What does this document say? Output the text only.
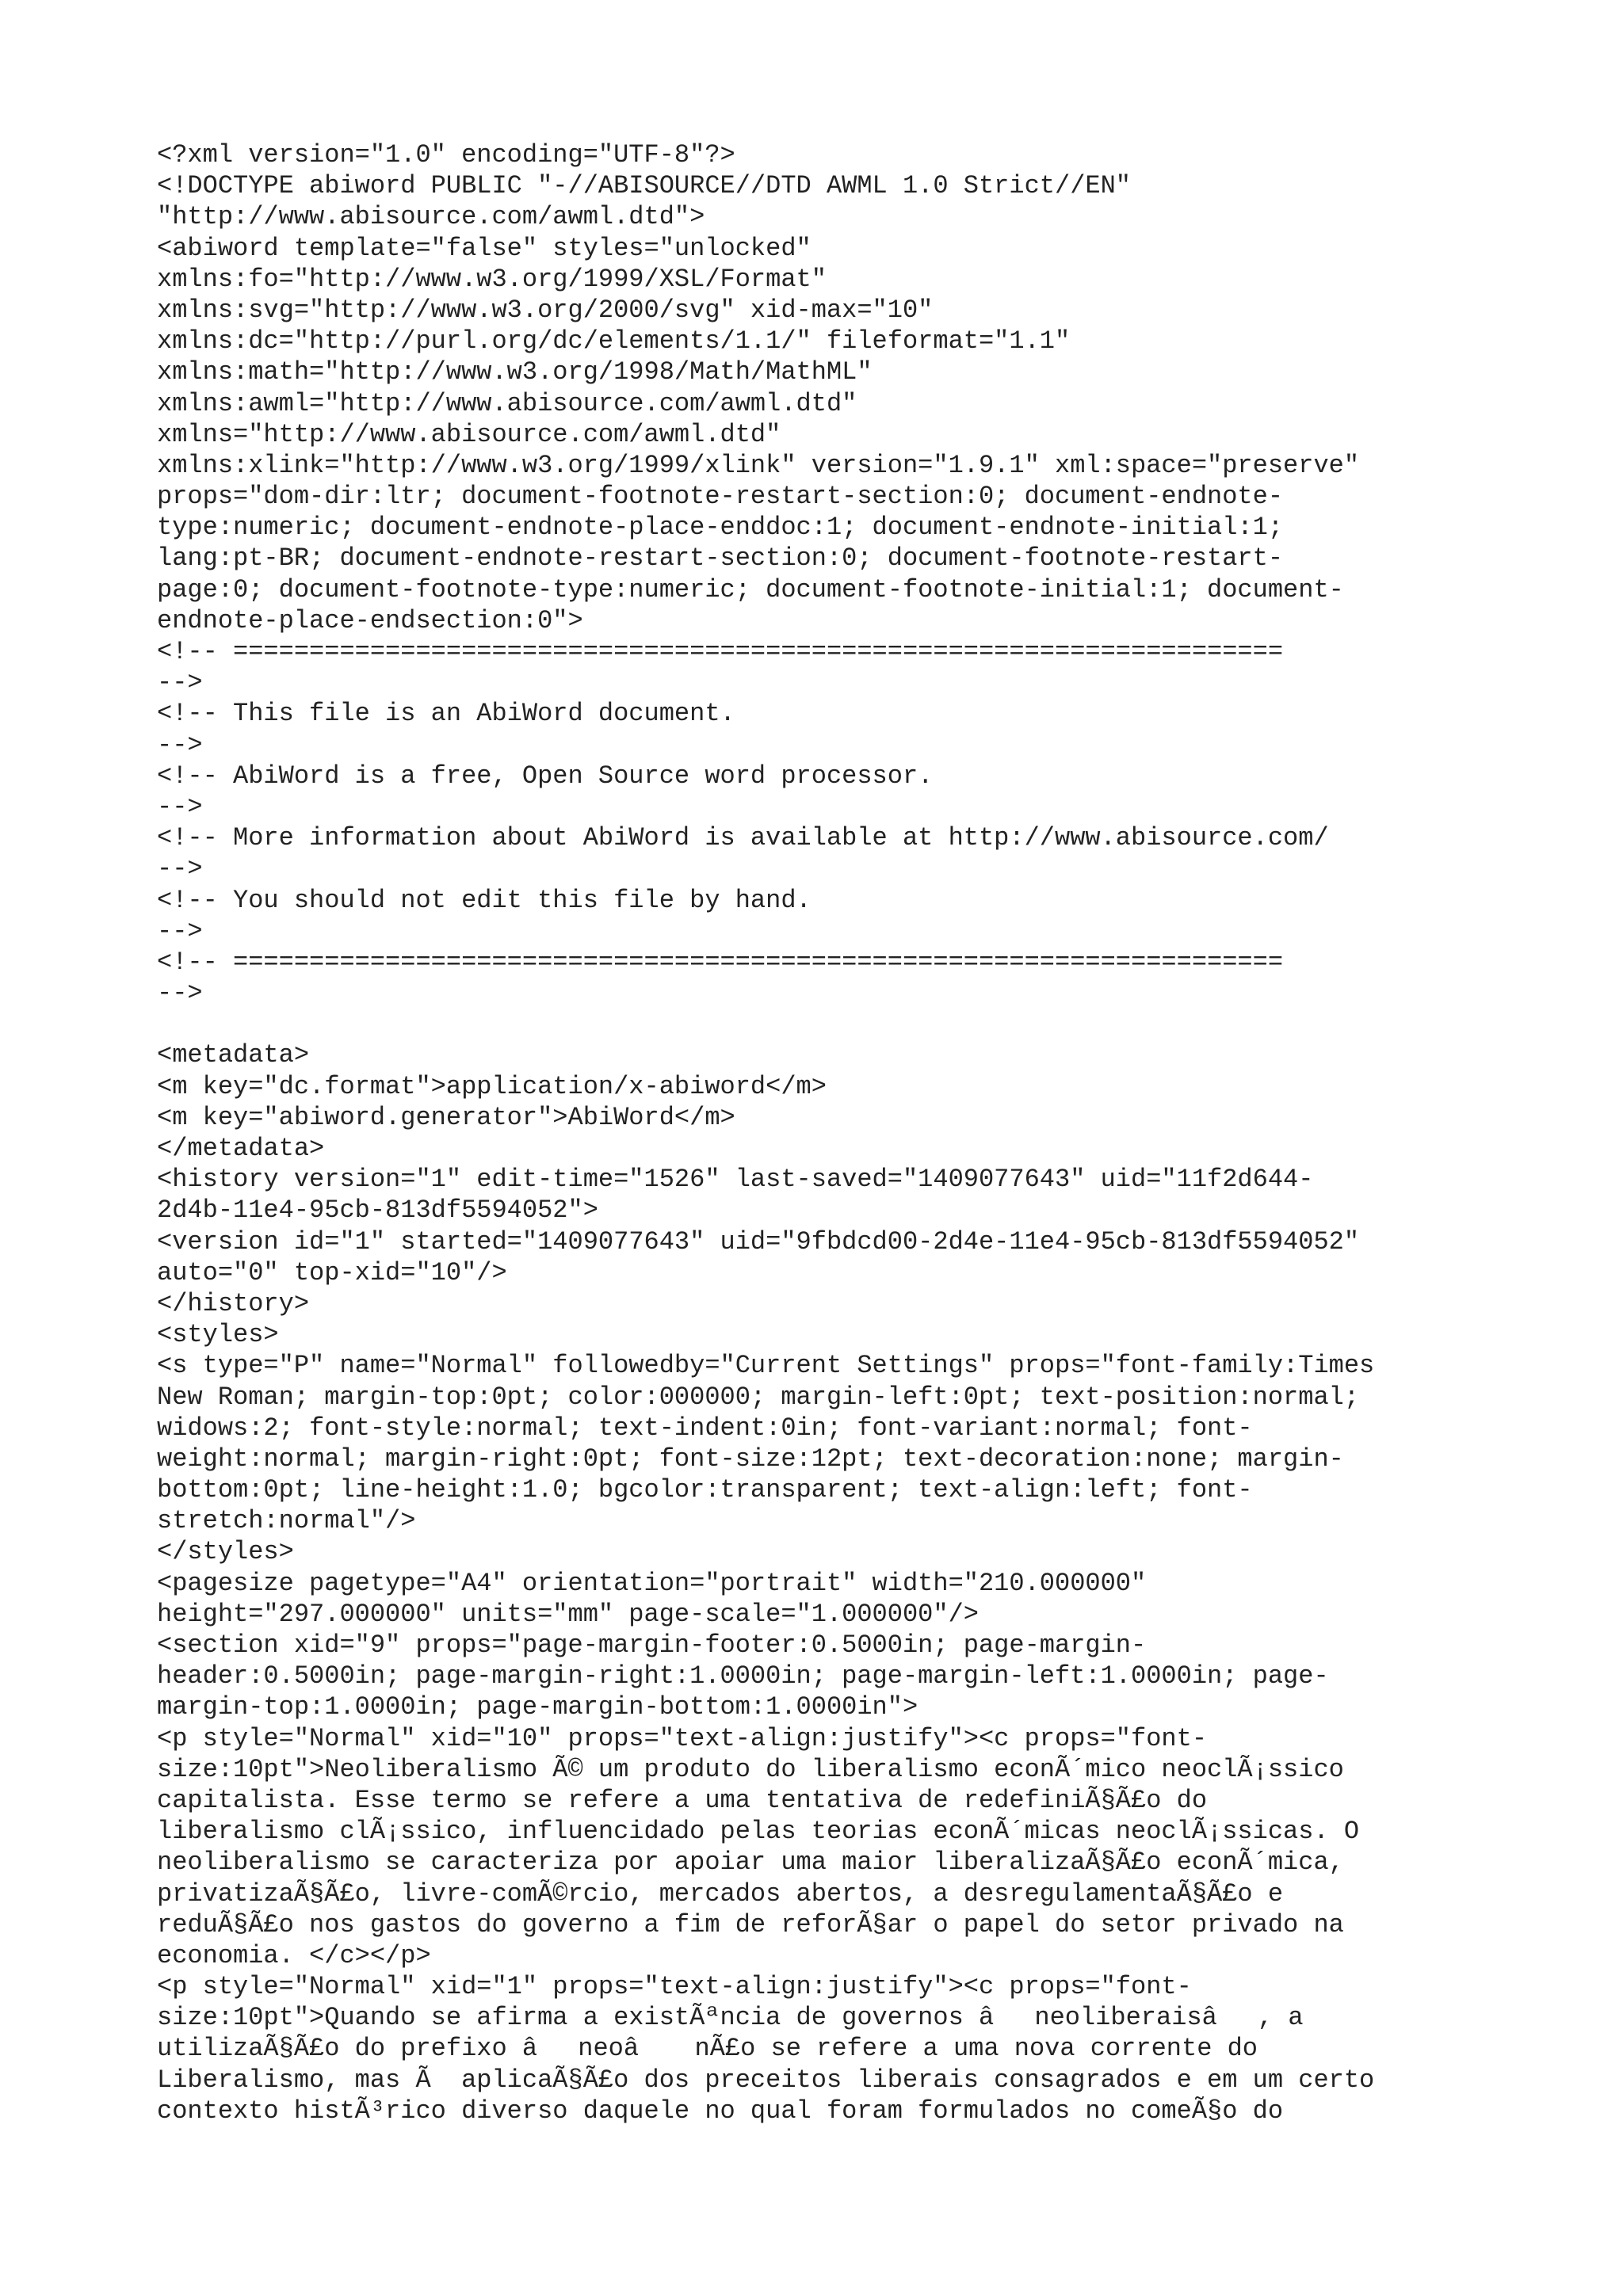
<?xml version="1.0" encoding="UTF-8"?>
<!DOCTYPE abiword PUBLIC "-//ABISOURCE//DTD AWML 1.0 Strict//EN"
"http://www.abisource.com/awml.dtd">
<abiword template="false" styles="unlocked"
xmlns:fo="http://www.w3.org/1999/XSL/Format"
xmlns:svg="http://www.w3.org/2000/svg" xid-max="10"
xmlns:dc="http://purl.org/dc/elements/1.1/" fileformat="1.1"
xmlns:math="http://www.w3.org/1998/Math/MathML"
xmlns:awml="http://www.abisource.com/awml.dtd"
xmlns="http://www.abisource.com/awml.dtd"
xmlns:xlink="http://www.w3.org/1999/xlink" version="1.9.1" xml:space="preserve"
props="dom-dir:ltr; document-footnote-restart-section:0; document-endnote-
type:numeric; document-endnote-place-enddoc:1; document-endnote-initial:1;
lang:pt-BR; document-endnote-restart-section:0; document-footnote-restart-
page:0; document-footnote-type:numeric; document-footnote-initial:1; document-
endnote-place-endsection:0">
<!-- =====================================================================
-->
<!-- This file is an AbiWord document.
-->
<!-- AbiWord is a free, Open Source word processor.
-->
<!-- More information about AbiWord is available at http://www.abisource.com/
-->
<!-- You should not edit this file by hand.
-->
<!-- =====================================================================
-->
<metadata>
<m key="dc.format">application/x-abiword</m>
<m key="abiword.generator">AbiWord</m>
</metadata>
<history version="1" edit-time="1526" last-saved="1409077643" uid="11f2d644-
2d4b-11e4-95cb-813df5594052">
<version id="1" started="1409077643" uid="9fbdcd00-2d4e-11e4-95cb-813df5594052"
auto="0" top-xid="10"/>
</history>
<styles>
<s type="P" name="Normal" followedby="Current Settings" props="font-family:Times
New Roman; margin-top:0pt; color:000000; margin-left:0pt; text-position:normal;
widows:2; font-style:normal; text-indent:0in; font-variant:normal; font-
weight:normal; margin-right:0pt; font-size:12pt; text-decoration:none; margin-
bottom:0pt; line-height:1.0; bgcolor:transparent; text-align:left; font-
stretch:normal"/>
</styles>
<pagesize pagetype="A4" orientation="portrait" width="210.000000"
height="297.000000" units="mm" page-scale="1.000000"/>
<section xid="9" props="page-margin-footer:0.5000in; page-margin-
header:0.5000in; page-margin-right:1.0000in; page-margin-left:1.0000in; page-
margin-top:1.0000in; page-margin-bottom:1.0000in">
<p style="Normal" xid="10" props="text-align:justify"><c props="font-
size:10pt">Neoliberalismo Ã© um produto do liberalismo econÃ´mico neoclÃ¡ssico
capitalista. Esse termo se refere a uma tentativa de redefiniÃ§Ã£o do
liberalismo clÃ¡ssico, influencidado pelas teorias econÃ´micas neoclÃ¡ssicas. O
neoliberalismo se caracteriza por apoiar uma maior liberalizaÃ§Ã£o econÃ´mica,
privatizaÃ§Ã£o, livre-comÃ©rcio, mercados abertos, a desregulamentaÃ§Ã£o e
reduÃ§Ã£o nos gastos do governo a fim de reforÃ§ar o papel do setor privado na
economia. </c></p>
<p style="Normal" xid="1" props="text-align:justify"><c props="font-
size:10pt">Quando se afirma a existÃªncia de governos âneoliberaisâ, a
utilizaÃ§Ã£o do prefixo âneoâ nÃ£o se refere a uma nova corrente do
Liberalismo, mas Ã  aplicaÃ§Ã£o dos preceitos liberais consagrados e em um certo
contexto histÃ³rico diverso daquele no qual foram formulados no comeÃ§o do
